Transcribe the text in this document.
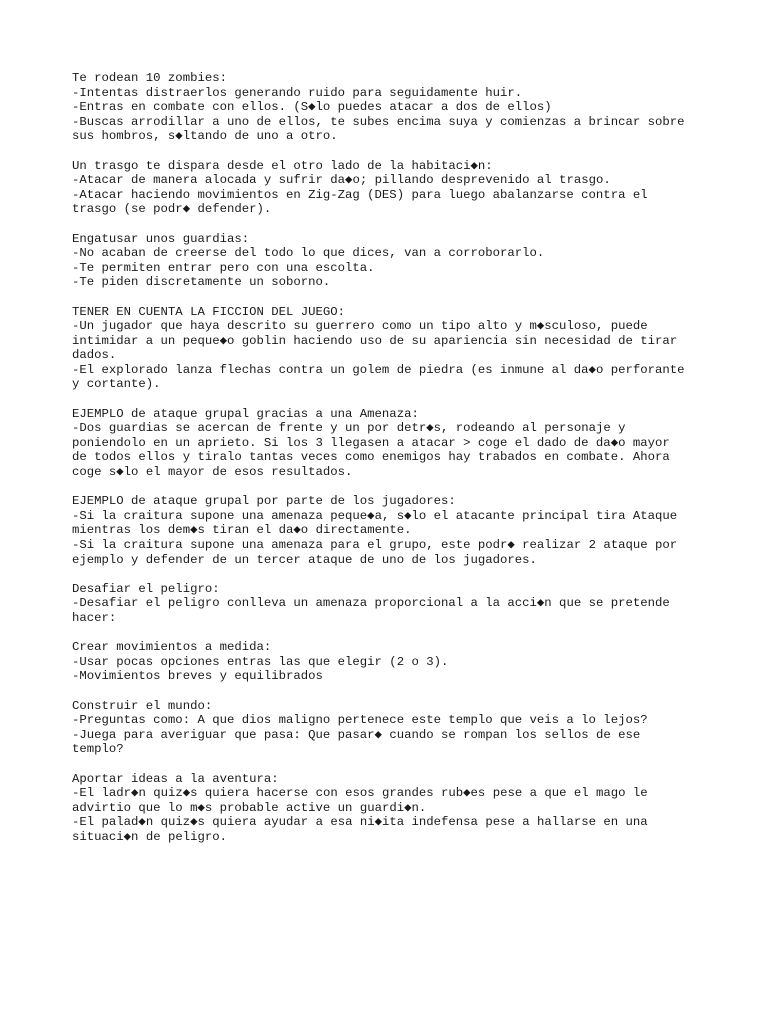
Te rodean 10 zombies:
-Intentas distraerlos generando ruido para seguidamente huir.
-Entras en combate con ellos. (S◆lo puedes atacar a dos de ellos)
-Buscas arrodillar a uno de ellos, te subes encima suya y comienzas a brincar sobre
sus hombros, s◆ltando de uno a otro.
Un trasgo te dispara desde el otro lado de la habitaci◆n:
-Atacar de manera alocada y sufrir da◆o; pillando desprevenido al trasgo.
-Atacar haciendo movimientos en Zig-Zag (DES) para luego abalanzarse contra el
trasgo (se podr◆ defender).
Engatusar unos guardias:
-No acaban de creerse del todo lo que dices, van a corroborarlo.
-Te permiten entrar pero con una escolta.
-Te piden discretamente un soborno.
TENER EN CUENTA LA FICCION DEL JUEGO:
-Un jugador que haya descrito su guerrero como un tipo alto y m◆sculoso, puede
intimidar a un peque◆o goblin haciendo uso de su apariencia sin necesidad de tirar
dados.
-El explorado lanza flechas contra un golem de piedra (es inmune al da◆o perforante
y cortante).
EJEMPLO de ataque grupal gracias a una Amenaza:
-Dos guardias se acercan de frente y un por detr◆s, rodeando al personaje y
poniendolo en un aprieto. Si los 3 llegasen a atacar > coge el dado de da◆o mayor
de todos ellos y tiralo tantas veces como enemigos hay trabados en combate. Ahora
coge s◆lo el mayor de esos resultados.
EJEMPLO de ataque grupal por parte de los jugadores:
-Si la craitura supone una amenaza peque◆a, s◆lo el atacante principal tira Ataque
mientras los dem◆s tiran el da◆o directamente.
-Si la craitura supone una amenaza para el grupo, este podr◆ realizar 2 ataque por
ejemplo y defender de un tercer ataque de uno de los jugadores.
Desafiar el peligro:
-Desafiar el peligro conlleva un amenaza proporcional a la acci◆n que se pretende
hacer:
Crear movimientos a medida:
-Usar pocas opciones entras las que elegir (2 o 3).
-Movimientos breves y equilibrados
Construir el mundo:
-Preguntas como: A que dios maligno pertenece este templo que veis a lo lejos?
-Juega para averiguar que pasa: Que pasar◆ cuando se rompan los sellos de ese
templo?
Aportar ideas a la aventura:
-El ladr◆n quiz◆s quiera hacerse con esos grandes rub◆es pese a que el mago le
advirtio que lo m◆s probable active un guardi◆n.
-El palad◆n quiz◆s quiera ayudar a esa ni◆ita indefensa pese a hallarse en una
situaci◆n de peligro.
